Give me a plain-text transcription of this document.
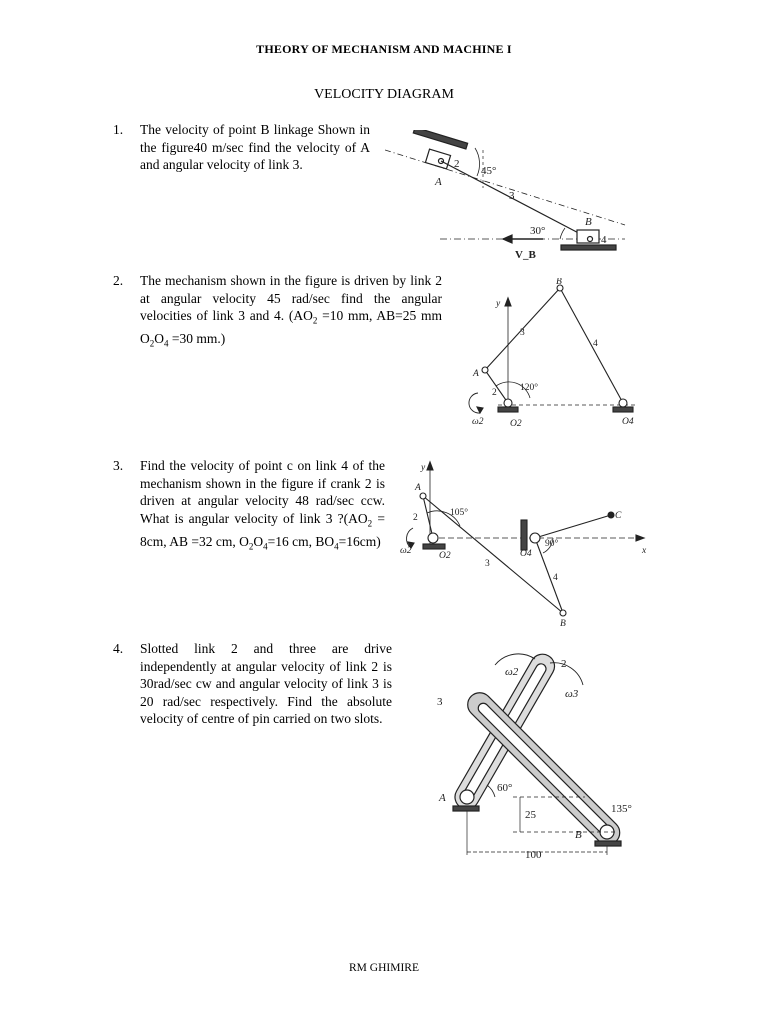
THEORY OF MECHANISM AND MACHINE I
VELOCITY DIAGRAM
1. The velocity of point B linkage Shown in the figure40 m/sec find the velocity of A and angular velocity of link 3.
2. The mechanism shown in the figure is driven by link 2 at angular velocity 45 rad/sec find the angular velocities of link 3 and 4. ($AO_2 =10$ mm, AB=25 mm $O_2O_4 =30$ mm.)
3. Find the velocity of point c on link 4 of the mechanism shown in the figure if crank 2 is driven at angular velocity 48 rad/sec ccw. What is angular velocity of link 3 $?(AO_2 = 8cm$, AB =32 cm, $O_2O_4=16$ cm, $BO_4=16cm$)
4. Slotted link 2 and three are drive independently at angular velocity of link 2 is 30rad/sec cw and angular velocity of link 3 is 20 rad/sec respectively. Find the absolute velocity of centre of pin carried on two slots.
2
45°
A
3
30°
B
4
V_B
B
y
3
4
A
120°
2
ω2	O2	O4
y
A
105°
2	C
x
ω2	O2	O4
90°
3
4
B
2
3
ω2
ω3
60°
A
25	135°
B
100
RM GHIMIRE
